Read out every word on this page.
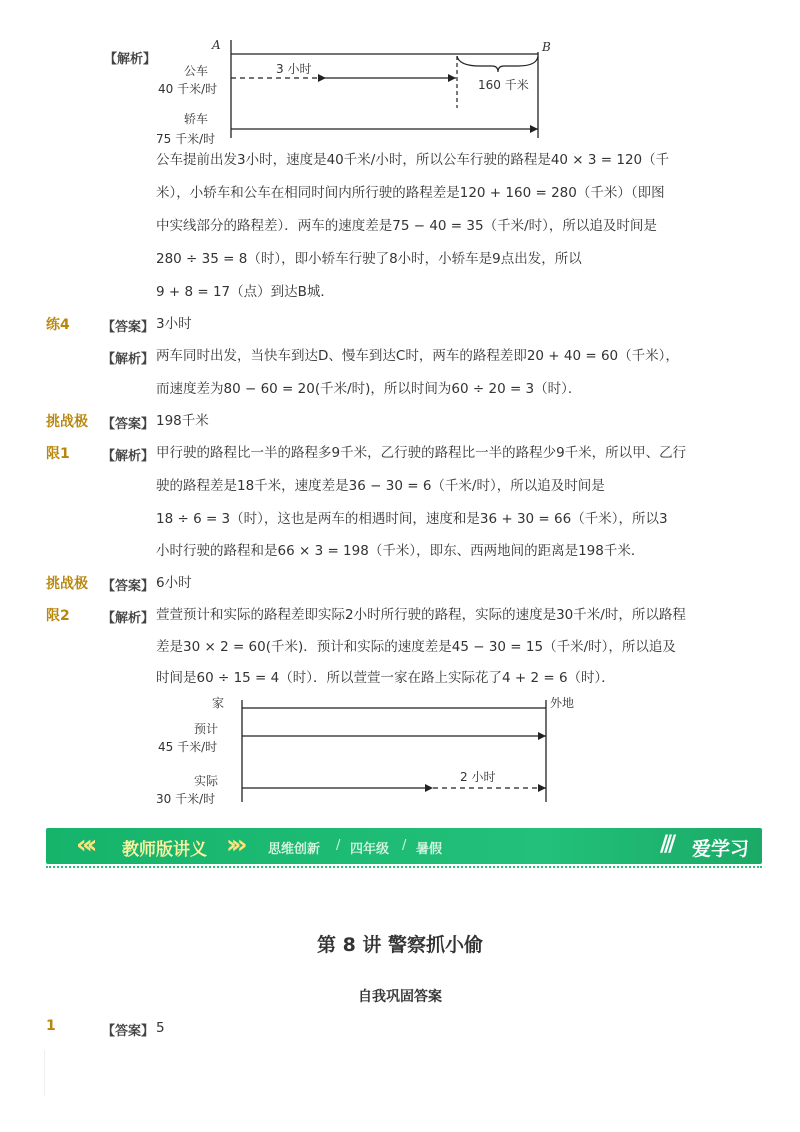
【解析】
A	B
公车
40 千米/时
轿车
75 千米/时
3 小时
160 千米
公车提前出发3小时，速度是40千米/小时，所以公车行驶的路程是40 × 3 = 120（千
米），小轿车和公车在相同时间内所行驶的路程差是120 + 160 = 280（千米）（即图
中实线部分的路程差）．两车的速度差是75 − 40 = 35（千米/时），所以追及时间是
280 ÷ 35 = 8（时），即小轿车行驶了8小时，小轿车是9点出发，所以
9 + 8 = 17（点）到达B城．
练4 【答案】 3小时
【解析】 两车同时出发，当快车到达D、慢车到达C时，两车的路程差即20 + 40 = 60（千米），
而速度差为80 − 60 = 20(千米/时)，所以时间为60 ÷ 20 = 3（时）．
挑战极 【答案】 198千米
限1 【解析】 甲行驶的路程比一半的路程多9千米，乙行驶的路程比一半的路程少9千米，所以甲、乙行
驶的路程差是18千米，速度差是36 − 30 = 6（千米/时），所以追及时间是
18 ÷ 6 = 3（时），这也是两车的相遇时间，速度和是36 + 30 = 66（千米），所以3
小时行驶的路程和是66 × 3 = 198（千米），即东、西两地间的距离是198千米．
挑战极 【答案】 6小时
限2 【解析】 萱萱预计和实际的路程差即实际2小时所行驶的路程，实际的速度是30千米/时，所以路程
差是30 × 2 = 60(千米)．预计和实际的速度差是45 − 30 = 15（千米/时），所以追及
时间是60 ÷ 15 = 4（时）．所以萱萱一家在路上实际花了4 + 2 = 6（时）．
家	外地
预计
45 千米/时
实际
30 千米/时
2 小时
«‹ 教师版讲义 ›» 思维创新 / 四年级 / 暑假	/// 爱学习
第 8 讲 警察抓小偷
自我巩固答案
1	【答案】 5
